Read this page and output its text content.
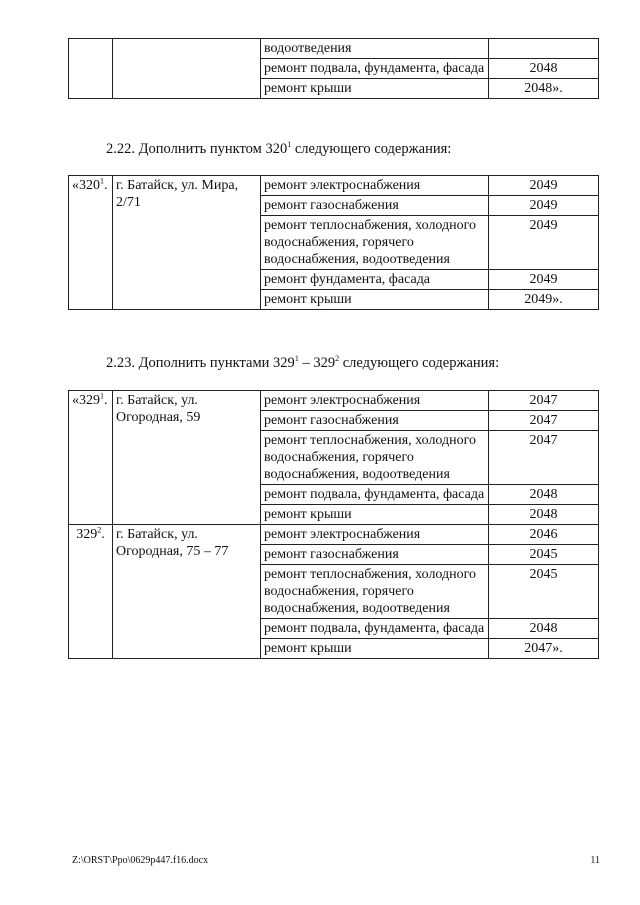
		водоотведения	
		ремонт подвала, фундамента, фасада	2048
		ремонт крыши	2048».
2.22. Дополнить пунктом $320^1$ следующего содержания:
«$320^1$.	г. Батайск, ул. Мира, 2/71	ремонт электроснабжения	2049
		ремонт газоснабжения	2049
		ремонт теплоснабжения, холодного водоснабжения, горячего водоснабжения, водоотведения	2049
		ремонт фундамента, фасада	2049
		ремонт крыши	2049».
2.23. Дополнить пунктами $329^1 - 329^2$ следующего содержания:
«$329^1$.	г. Батайск, ул. Огородная, 59	ремонт электроснабжения	2047
		ремонт газоснабжения	2047
		ремонт теплоснабжения, холодного водоснабжения, горячего водоснабжения, водоотведения	2047
		ремонт подвала, фундамента, фасада	2048
		ремонт крыши	2048
$329^2$.	г. Батайск, ул. Огородная, 75 – 77	ремонт электроснабжения	2046
		ремонт газоснабжения	2045
		ремонт теплоснабжения, холодного водоснабжения, горячего водоснабжения, водоотведения	2045
		ремонт подвала, фундамента, фасада	2048
		ремонт крыши	2047».
Z:\ORST\Ppo\0629p447.f16.docx	11
